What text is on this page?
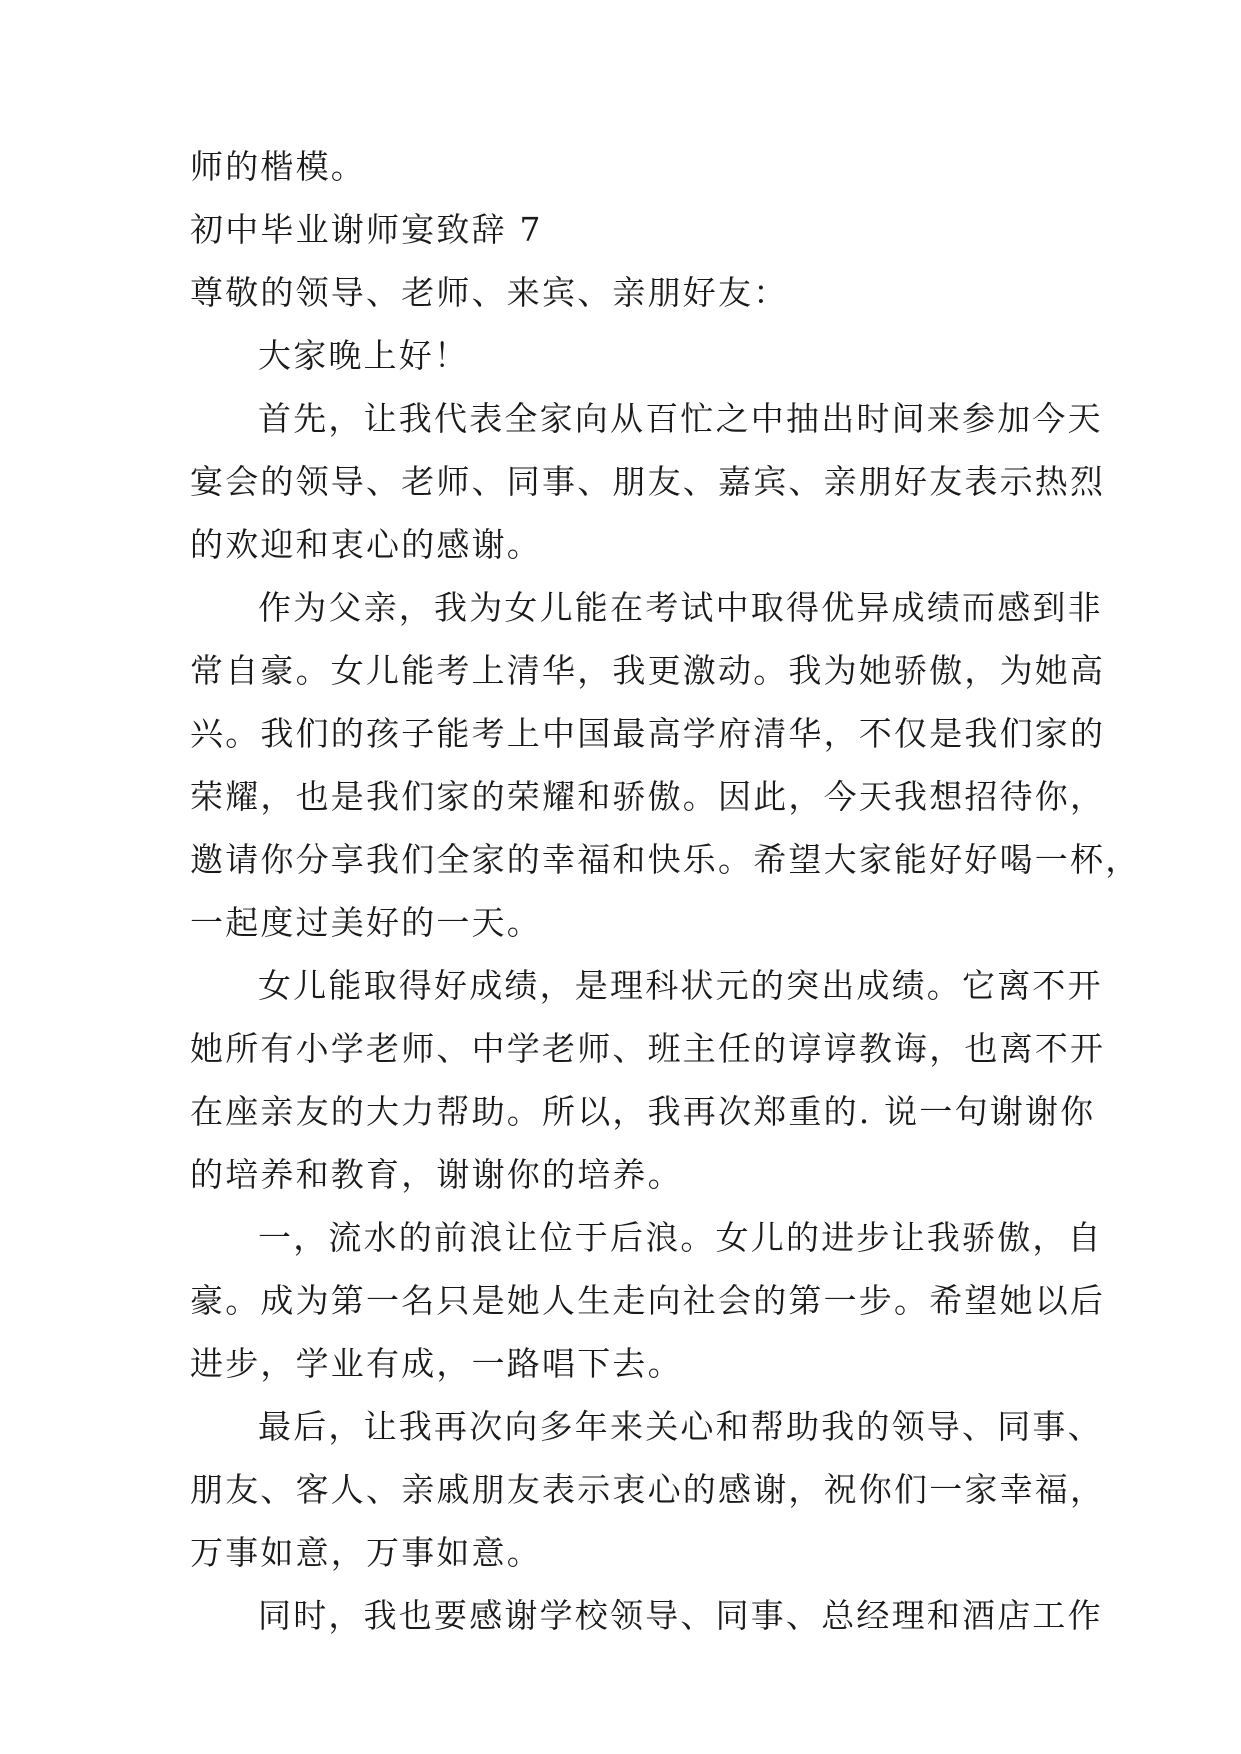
师的楷模。
初中毕业谢师宴致辞 7
尊敬的领导、老师、来宾、亲朋好友：
大家晚上好！
首先，让我代表全家向从百忙之中抽出时间来参加今天
宴会的领导、老师、同事、朋友、嘉宾、亲朋好友表示热烈
的欢迎和衷心的感谢。
作为父亲，我为女儿能在考试中取得优异成绩而感到非
常自豪。女儿能考上清华，我更激动。我为她骄傲，为她高
兴。我们的孩子能考上中国最高学府清华，不仅是我们家的
荣耀，也是我们家的荣耀和骄傲。因此，今天我想招待你，
邀请你分享我们全家的幸福和快乐。希望大家能好好喝一杯，
一起度过美好的一天。
女儿能取得好成绩，是理科状元的突出成绩。它离不开
她所有小学老师、中学老师、班主任的谆谆教诲，也离不开
在座亲友的大力帮助。所以，我再次郑重的. 说一句谢谢你
的培养和教育，谢谢你的培养。
一，流水的前浪让位于后浪。女儿的进步让我骄傲，自
豪。成为第一名只是她人生走向社会的第一步。希望她以后
进步，学业有成，一路唱下去。
最后，让我再次向多年来关心和帮助我的领导、同事、
朋友、客人、亲戚朋友表示衷心的感谢，祝你们一家幸福，
万事如意，万事如意。
同时，我也要感谢学校领导、同事、总经理和酒店工作
